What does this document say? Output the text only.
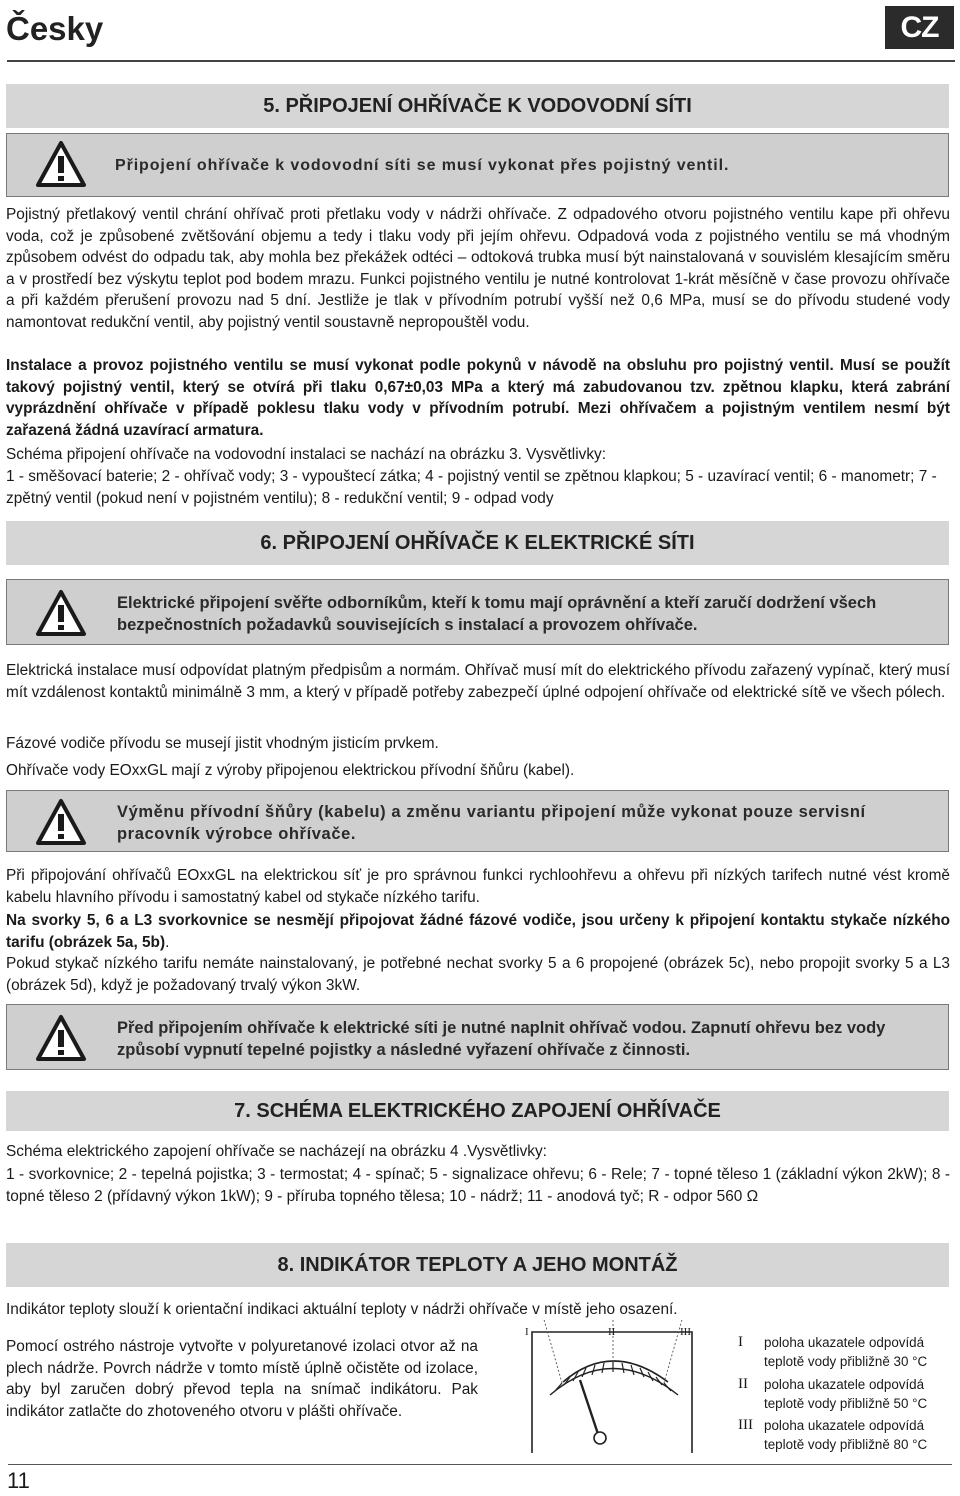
Česky	CZ
5. PŘIPOJENÍ OHŘÍVAČE K VODOVODNÍ SÍTI
Připojení ohřívače k vodovodní síti se musí vykonat přes pojistný ventil.

Pojistný přetlakový ventil chrání ohřívač proti přetlaku vody v nádrži ohřívače. Z odpadového otvoru pojistného ventilu kape při ohřevu voda, což je způsobené zvětšování objemu a tedy i tlaku vody při jejím ohřevu. Odpadová voda z pojistného ventilu se má vhodným způsobem odvést do odpadu tak, aby mohla bez překážek odtéci – odtoková trubka musí být nainstalovaná v souvislém klesajícím směru a v prostředí bez výskytu teplot pod bodem mrazu. Funkci pojistného ventilu je nutné kontrolovat 1-krát měsíčně v čase provozu ohřívače a při každém přerušení provozu nad 5 dní. Jestliže je tlak v přívodním potrubí vyšší než 0,6 MPa, musí se do přívodu studené vody namontovat redukční ventil, aby pojistný ventil soustavně nepropouštěl vodu.

Instalace a provoz pojistného ventilu se musí vykonat podle pokynů v návodě na obsluhu pro pojistný ventil. Musí se použít takový pojistný ventil, který se otvírá při tlaku 0,67±0,03 MPa a který má zabudovanou tzv. zpětnou klapku, která zabrání vyprázdnění ohřívače v případě poklesu tlaku vody v přívodním potrubí. Mezi ohřívačem a pojistným ventilem nesmí být zařazená žádná uzavírací armatura.

Schéma připojení ohřívače na vodovodní instalaci se nachází na obrázku 3. Vysvětlivky:

1 - směšovací baterie; 2 - ohřívač vody; 3 - vypouštecí zátka; 4 - pojistný ventil se zpětnou klapkou; 5 - uzavírací ventil; 6 - manometr; 7 - zpětný ventil (pokud není v pojistném ventilu); 8 - redukční ventil; 9 - odpad vody

6. PŘIPOJENÍ OHŘÍVAČE K ELEKTRICKÉ SÍTI
Elektrické připojení svěřte odborníkům, kteří k tomu mají oprávnění a kteří zaručí dodržení všech bezpečnostních požadavků souvisejících s instalací a provozem ohřívače.

Elektrická instalace musí odpovídat platným předpisům a normám. Ohřívač musí mít do elektrického přívodu zařazený vypínač, který musí mít vzdálenost kontaktů minimálně 3 mm, a který v případě potřeby zabezpečí úplné odpojení ohřívače od elektrické sítě ve všech pólech.

Fázové vodiče přívodu se musejí jistit vhodným jisticím prvkem.

Ohřívače vody EOxxGL mají z výroby připojenou elektrickou přívodní šňůru (kabel).

Výměnu přívodní šňůry (kabelu) a změnu variantu připojení může vykonat pouze servisní pracovník výrobce ohřívače.

Při připojování ohřívačů EOxxGL na elektrickou síť je pro správnou funkci rychloohřevu a ohřevu při nízkých tarifech nutné vést kromě kabelu hlavního přívodu i samostatný kabel od stykače nízkého tarifu.

Na svorky 5, 6 a L3 svorkovnice se nesmějí připojovat žádné fázové vodiče, jsou určeny k připojení kontaktu stykače nízkého tarifu (obrázek 5a, 5b).

Pokud stykač nízkého tarifu nemáte nainstalovaný, je potřebné nechat svorky 5 a 6 propojené (obrázek 5c), nebo propojit svorky 5 a L3 (obrázek 5d), když je požadovaný trvalý výkon 3kW.

Před připojením ohřívače k elektrické síti je nutné naplnit ohřívač vodou. Zapnutí ohřevu bez vody způsobí vypnutí tepelné pojistky a následné vyřazení ohřívače z činnosti.
7. SCHÉMA ELEKTRICKÉHO ZAPOJENÍ OHŘÍVAČE

Schéma elektrického zapojení ohřívače se nacházejí na obrázku 4 .Vysvětlivky:

1 - svorkovnice; 2 - tepelná pojistka; 3 - termostat; 4 - spínač; 5 - signalizace ohřevu; 6 - Rele; 7 - topné těleso 1 (základní výkon 2kW); 8 - topné těleso 2 (přídavný výkon 1kW); 9 - příruba topného tělesa; 10 - nádrž; 11 - anodová tyč; R - odpor 560 Ω

8. INDIKÁTOR TEPLOTY A JEHO MONTÁŽ

Indikátor teploty slouží k orientační indikaci aktuální teploty v nádrži ohřívače v místě jeho osazení.

Pomocí ostrého nástroje vytvořte v polyuretanové izolaci otvor až na plech nádrže. Povrch nádrže v tomto místě úplně očistěte od izolace, aby byl zaručen dobrý převod tepla na snímač indikátoru. Pak indikátor zatlačte do zhotoveného otvoru v plášti ohřívače.

I	II	III
I poloha ukazatele odpovídá teplotě vody přibližně 30 °C
II poloha ukazatele odpovídá teplotě vody přibližně 50 °C
III poloha ukazatele odpovídá teplotě vody přibližně 80 °C
11
